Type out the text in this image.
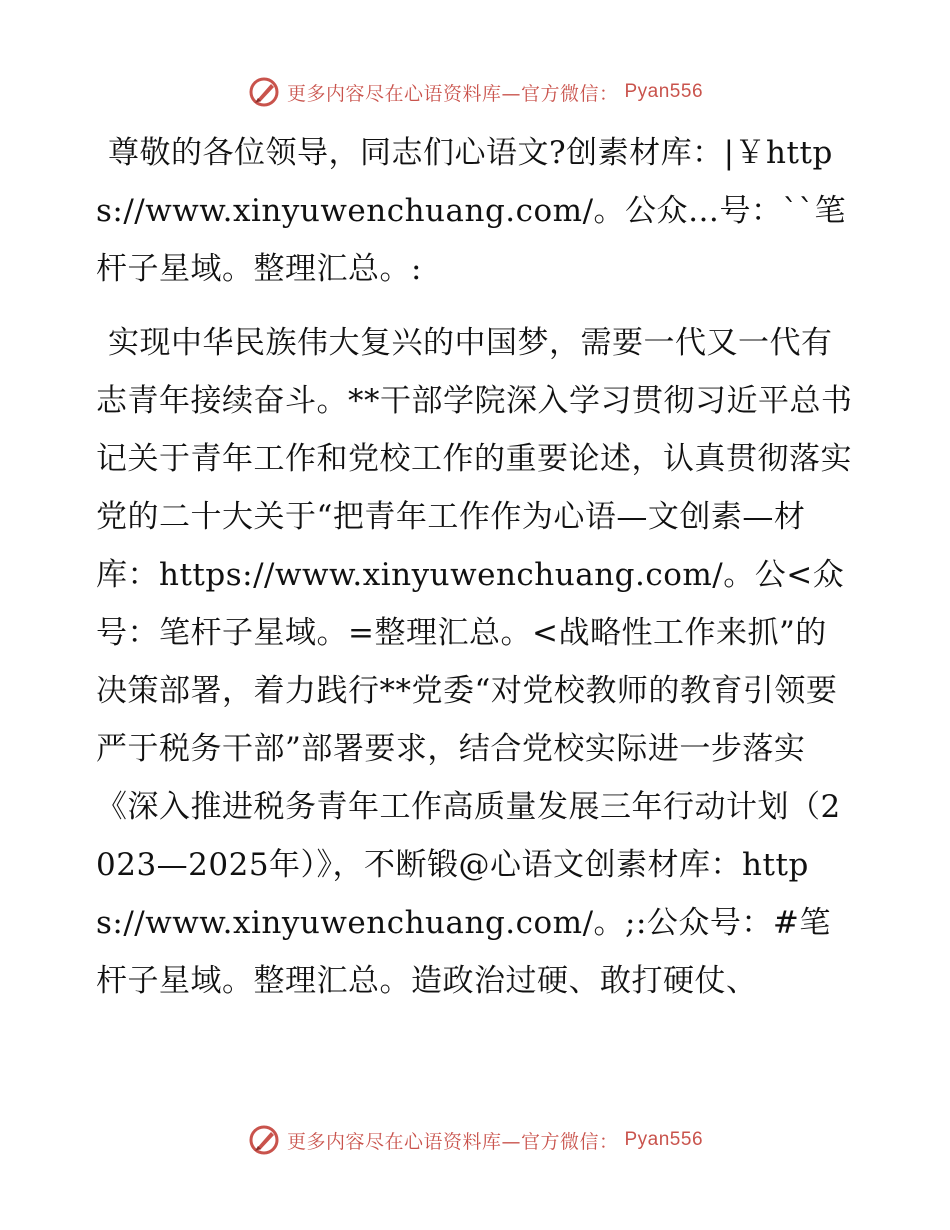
更多内容尽在心语资料库—官方微信： Pyan556

尊敬的各位领导，同志们心语文?创素材库：|￥https://www.xinyuwenchuang.com/。公众…号：``笔杆子星域。整理汇总。:

实现中华民族伟大复兴的中国梦，需要一代又一代有志青年接续奋斗。**干部学院深入学习贯彻习近平总书记关于青年工作和党校工作的重要论述，认真贯彻落实党的二十大关于“把青年工作作为心语—文创素—材库：https://www.xinyuwenchuang.com/。公<众号：笔杆子星域。=整理汇总。<战略性工作来抓”的决策部署，着力践行**党委“对党校教师的教育引领要严于税务干部”部署要求，结合党校实际进一步落实《深入推进税务青年工作高质量发展三年行动计划（2023—2025年）》，不断锻@心语文创素材库：https://www.xinyuwenchuang.com/。;:公众号：#笔杆子星域。整理汇总。造政治过硬、敢打硬仗、

更多内容尽在心语资料库—官方微信： Pyan556
